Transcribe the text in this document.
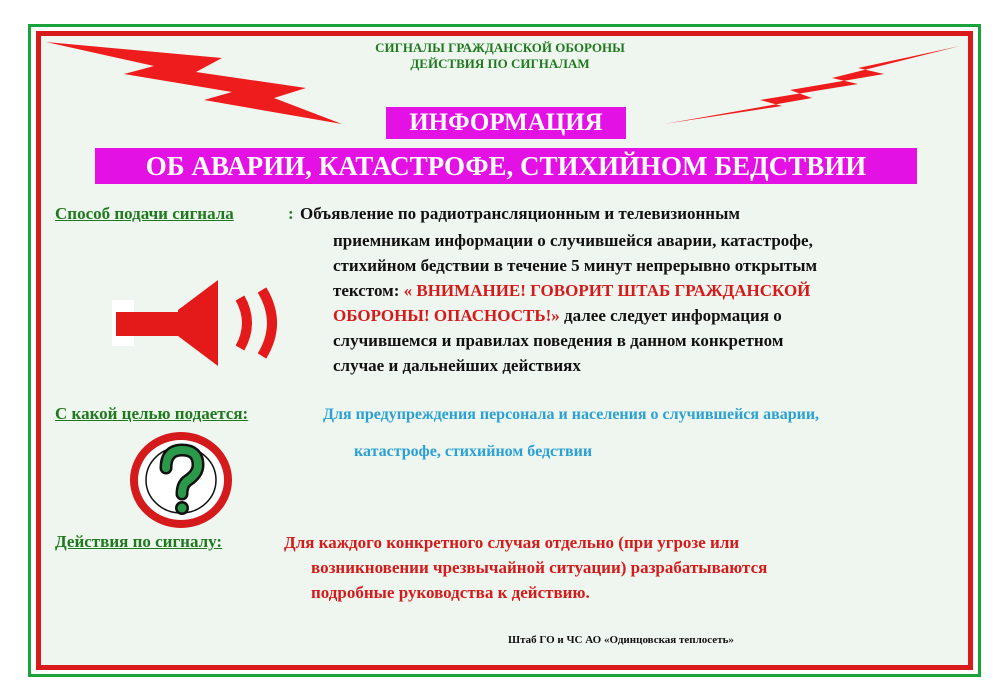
СИГНАЛЫ ГРАЖДАНСКОЙ ОБОРОНЫ
ДЕЙСТВИЯ ПО СИГНАЛАМ
ИНФОРМАЦИЯ
ОБ АВАРИИ, КАТАСТРОФЕ, СТИХИЙНОМ БЕДСТВИИ
Способ подачи сигнала	: Объявление по радиотрансляционным и телевизионным
приемникам информации о случившейся аварии, катастрофе,
стихийном бедствии в течение 5 минут непрерывно открытым
текстом: « ВНИМАНИЕ! ГОВОРИТ ШТАБ ГРАЖДАНСКОЙ
ОБОРОНЫ! ОПАСНОСТЬ!» далее следует информация о
случившемся и правилах поведения в данном конкретном
случае и дальнейших действиях
С какой целью подается:	Для предупреждения персонала и населения о случившейся аварии,
катастрофе, стихийном бедствии
Действия по сигналу:	Для каждого конкретного случая отдельно (при угрозе или
возникновении чрезвычайной ситуации) разрабатываются
подробные руководства к действию.
Штаб ГО и ЧС АО «Одинцовская теплосеть»
